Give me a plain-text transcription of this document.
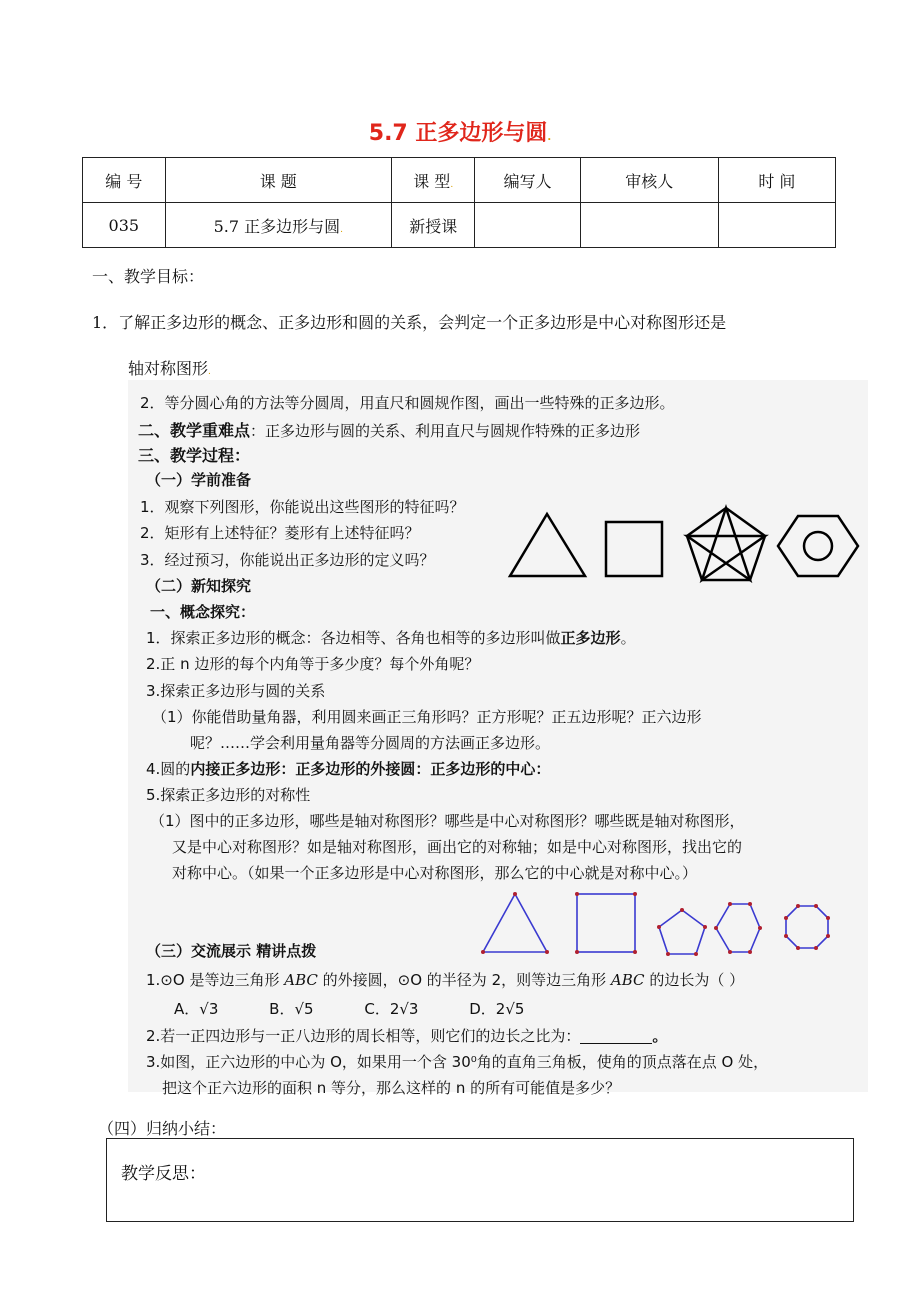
5.7 正多边形与圆.
编 号	课 题	课 型.	编写人	审核人	时 间
035	5.7 正多边形与圆.	新授课			
一、教学目标：
1．了解正多边形的概念、正多边形和圆的关系，会判定一个正多边形是中心对称图形还是
轴对称图形.
2．等分圆心角的方法等分圆周，用直尺和圆规作图，画出一些特殊的正多边形。
二、教学重难点：正多边形与圆的关系、利用直尺与圆规作特殊的正多边形
三、教学过程：
（一）学前准备
1．观察下列图形，你能说出这些图形的特征吗？
2．矩形有上述特征？菱形有上述特征吗？
3．经过预习，你能说出正多边形的定义吗？
（二）新知探究
一、概念探究：
1．探索正多边形的概念：各边相等、各角也相等的多边形叫做正多边形。
2.正 n 边形的每个内角等于多少度？每个外角呢？
3.探索正多边形与圆的关系
（1）你能借助量角器，利用圆来画正三角形吗？正方形呢？正五边形呢？正六边形
呢？……学会利用量角器等分圆周的方法画正多边形。
4.圆的内接正多边形：正多边形的外接圆：正多边形的中心：
5.探索正多边形的对称性
（1）图中的正多边形，哪些是轴对称图形？哪些是中心对称图形？哪些既是轴对称图形，
又是中心对称图形？如是轴对称图形，画出它的对称轴；如是中心对称图形，找出它的
对称中心。（如果一个正多边形是中心对称图形，那么它的中心就是对称中心。）
（三）交流展示 精讲点拨
1.⊙O 是等边三角形 ABC 的外接圆，⊙O 的半径为 2，则等边三角形 ABC 的边长为（ ）
A．√3	B．√5	C．2√3	D．2√5
2.若一正四边形与一正八边形的周长相等，则它们的边长之比为：	。
3.如图，正六边形的中心为 O，如果用一个含 30⁰角的直角三角板，使角的顶点落在点 O 处，
把这个正六边形的面积 n 等分，那么这样的 n 的所有可能值是多少？
（四）归纳小结：
教学反思：
